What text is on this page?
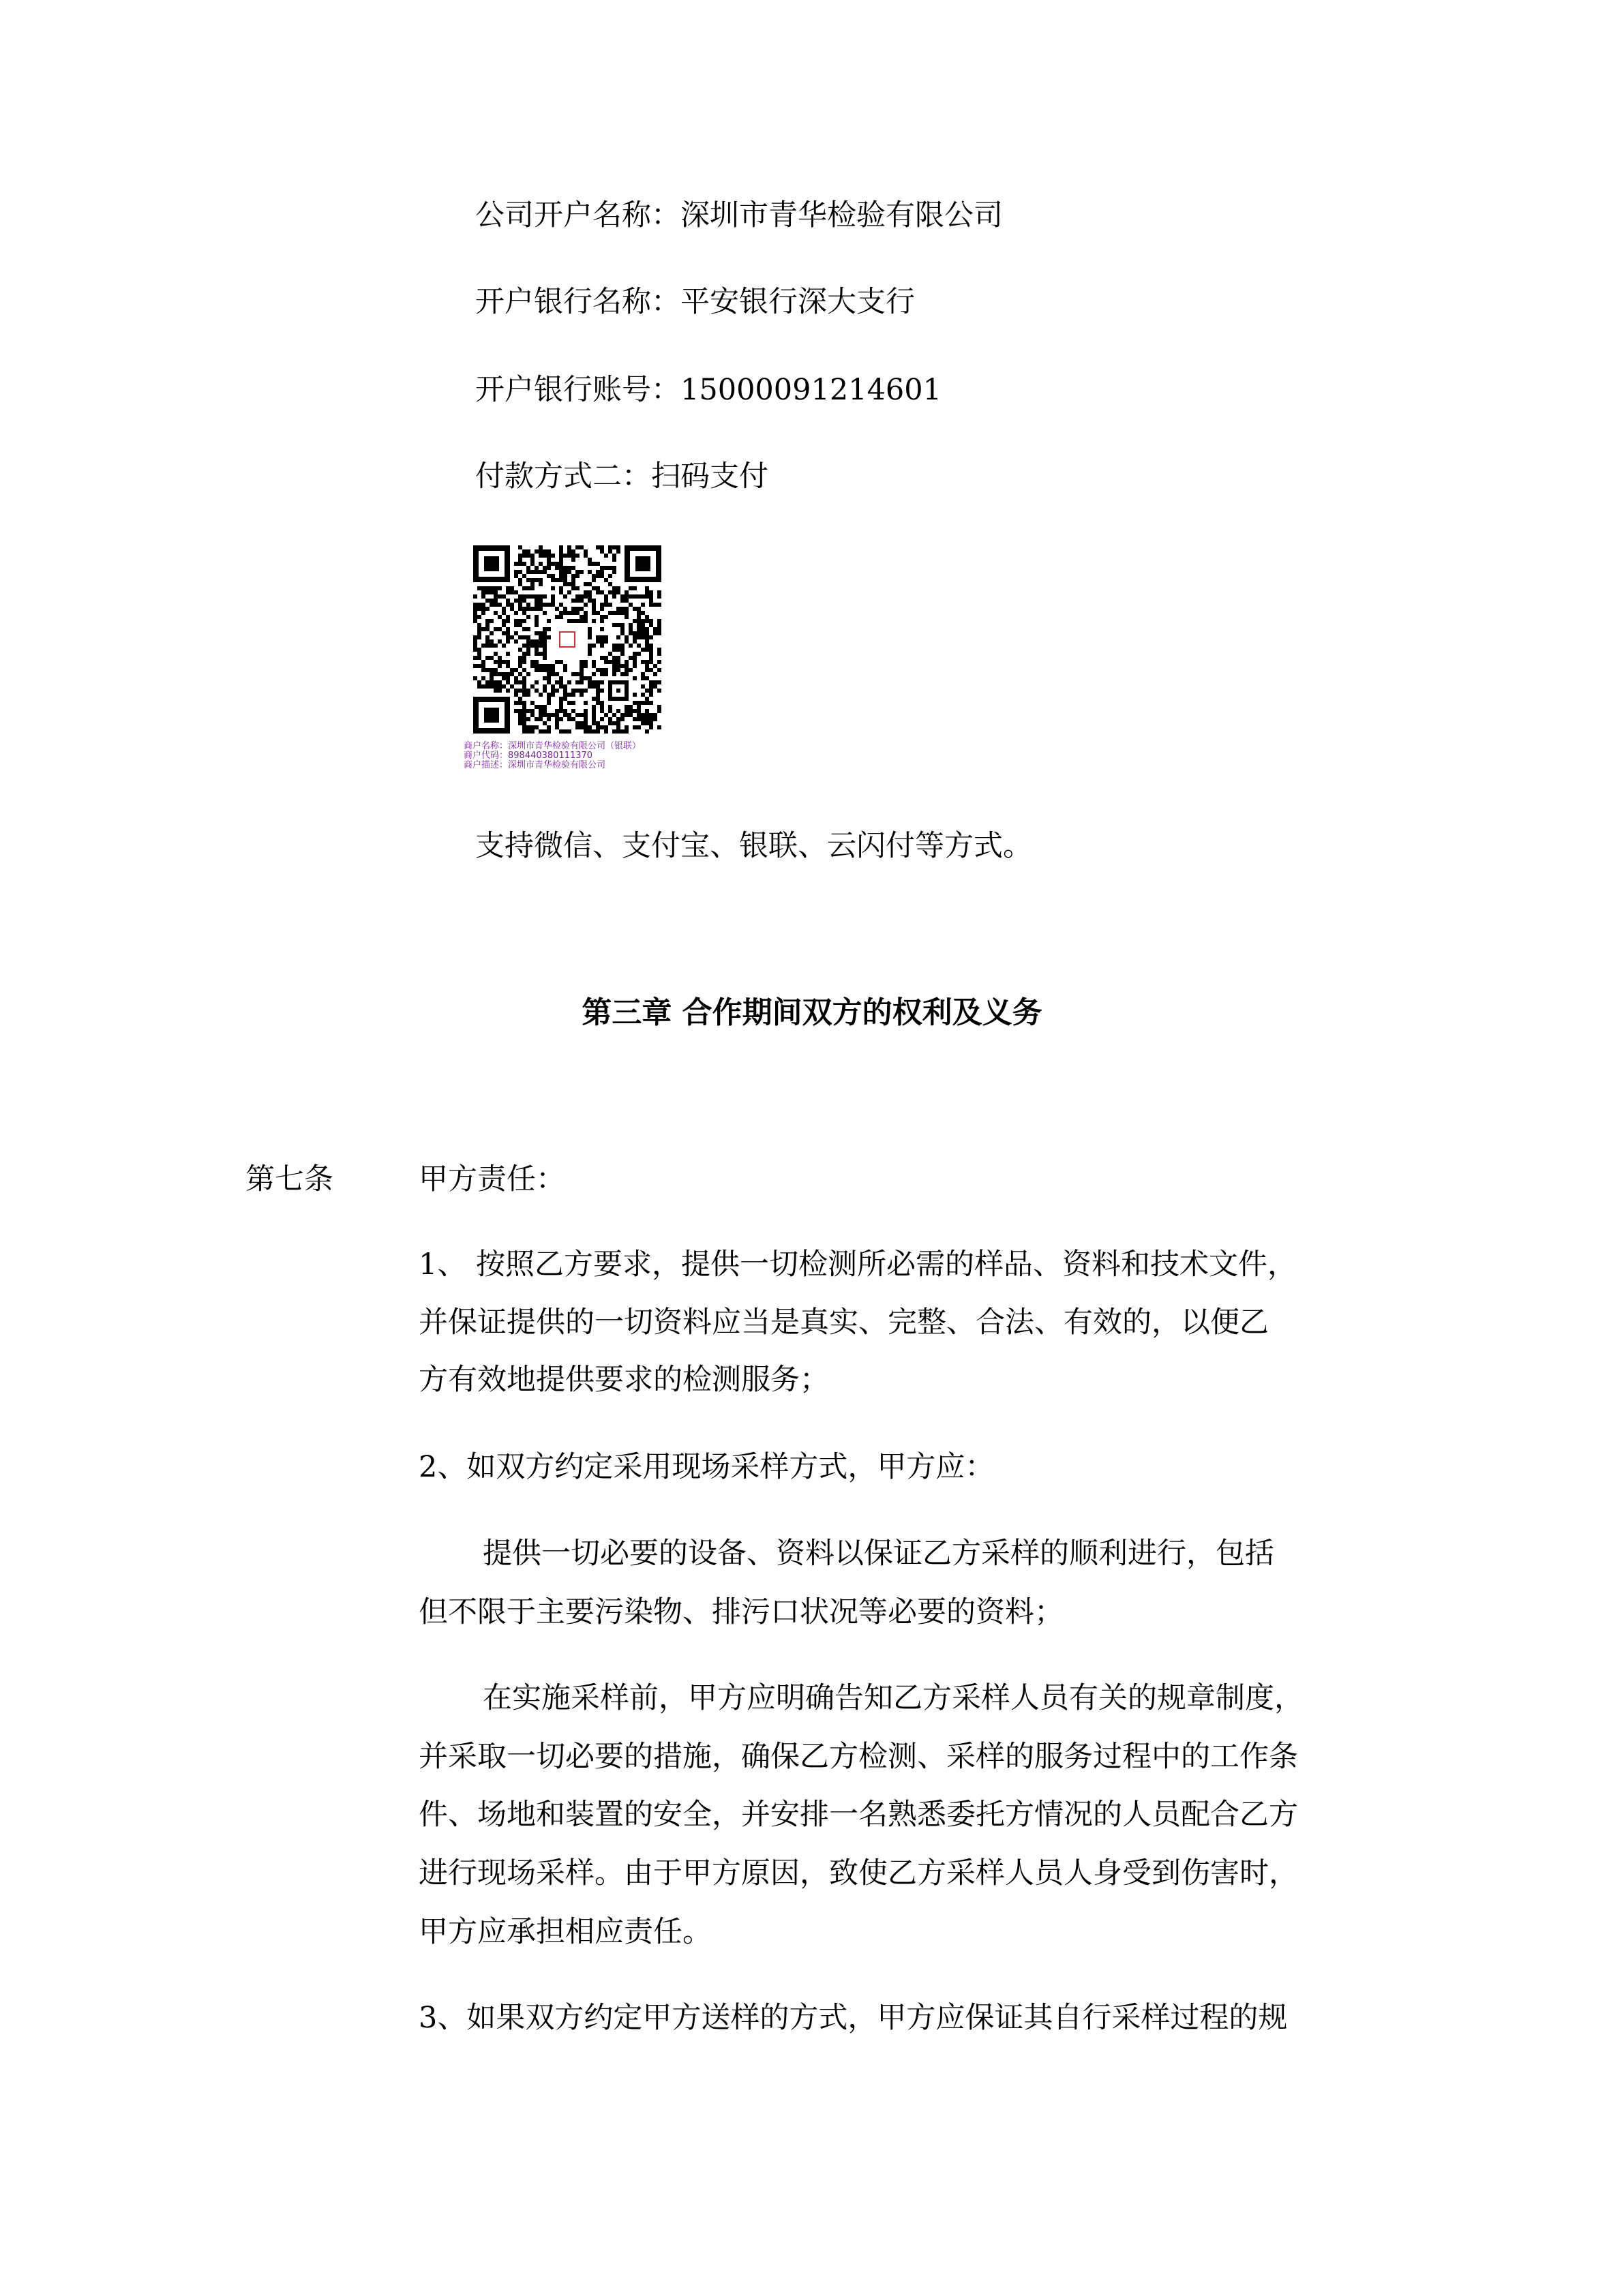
公司开户名称：深圳市青华检验有限公司
开户银行名称：平安银行深大支行
开户银行账号：15000091214601
付款方式二：扫码支付
商户名称：深圳市青华检验有限公司（银联）
商户代码：898440380111370
商户描述：深圳市青华检验有限公司
支持微信、支付宝、银联、云闪付等方式。
第三章 合作期间双方的权利及义务
第七条	甲方责任：
1、 按照乙方要求，提供一切检测所必需的样品、资料和技术文件，
并保证提供的一切资料应当是真实、完整、合法、有效的，以便乙
方有效地提供要求的检测服务；
2、如双方约定采用现场采样方式，甲方应：
提供一切必要的设备、资料以保证乙方采样的顺利进行，包括
但不限于主要污染物、排污口状况等必要的资料；
在实施采样前，甲方应明确告知乙方采样人员有关的规章制度，
并采取一切必要的措施，确保乙方检测、采样的服务过程中的工作条
件、场地和装置的安全，并安排一名熟悉委托方情况的人员配合乙方
进行现场采样。由于甲方原因，致使乙方采样人员人身受到伤害时，
甲方应承担相应责任。
3、如果双方约定甲方送样的方式，甲方应保证其自行采样过程的规
